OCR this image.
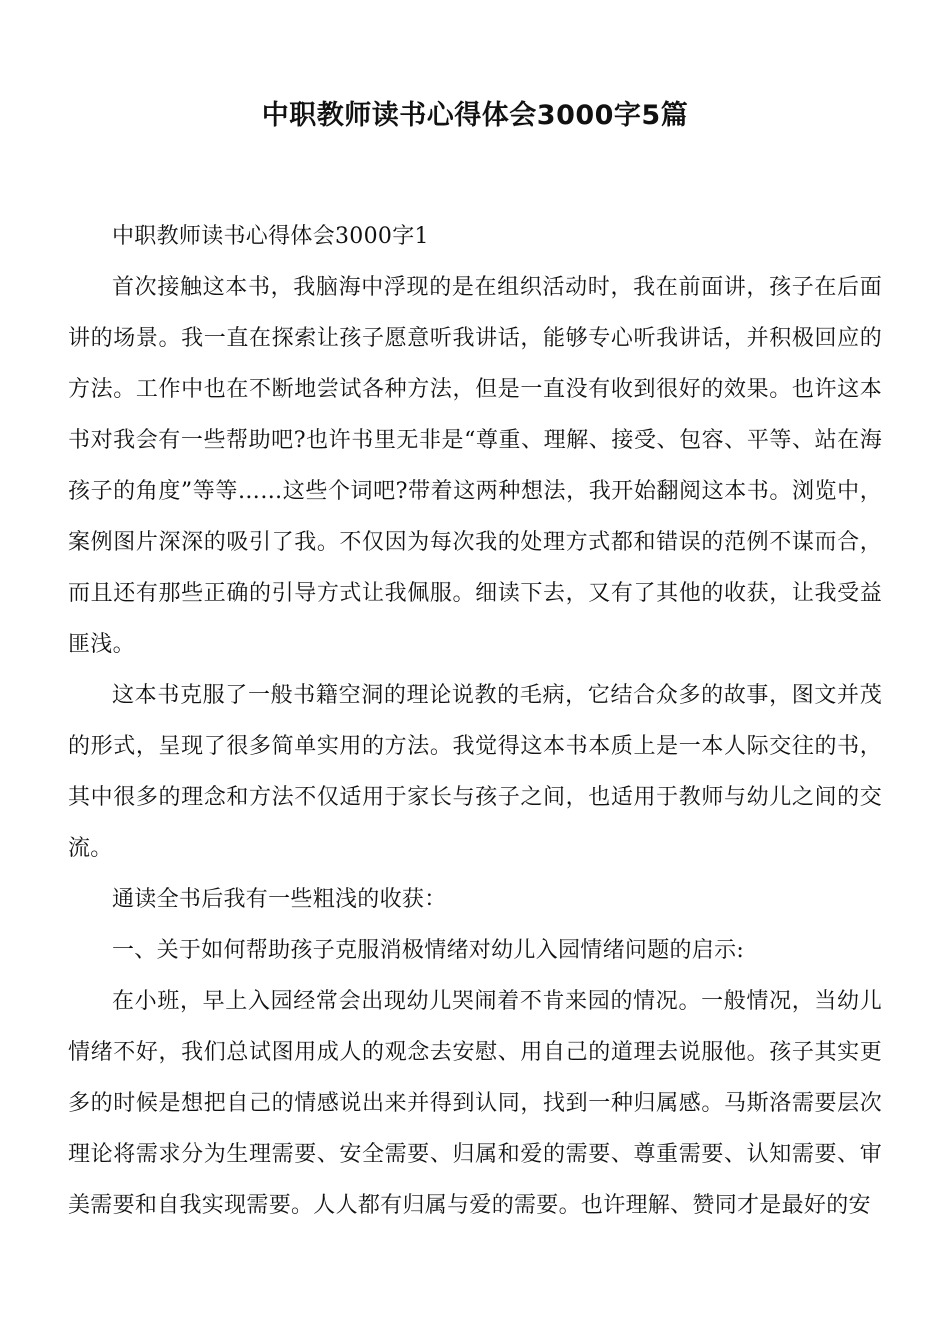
中职教师读书心得体会3000字5篇

中职教师读书心得体会3000字1

首次接触这本书，我脑海中浮现的是在组织活动时，我在前面讲，孩子在后面讲的场景。我一直在探索让孩子愿意听我讲话，能够专心听我讲话，并积极回应的方法。工作中也在不断地尝试各种方法，但是一直没有收到很好的效果。也许这本书对我会有一些帮助吧?也许书里无非是“尊重、理解、接受、包容、平等、站在海孩子的角度”等等……这些个词吧?带着这两种想法，我开始翻阅这本书。浏览中，案例图片深深的吸引了我。不仅因为每次我的处理方式都和错误的范例不谋而合，而且还有那些正确的引导方式让我佩服。细读下去，又有了其他的收获，让我受益匪浅。

这本书克服了一般书籍空洞的理论说教的毛病，它结合众多的故事，图文并茂的形式，呈现了很多简单实用的方法。我觉得这本书本质上是一本人际交往的书，其中很多的理念和方法不仅适用于家长与孩子之间，也适用于教师与幼儿之间的交流。

通读全书后我有一些粗浅的收获：

一、关于如何帮助孩子克服消极情绪对幼儿入园情绪问题的启示:

在小班，早上入园经常会出现幼儿哭闹着不肯来园的情况。一般情况，当幼儿情绪不好，我们总试图用成人的观念去安慰、用自己的道理去说服他。孩子其实更多的时候是想把自己的情感说出来并得到认同，找到一种归属感。马斯洛需要层次理论将需求分为生理需要、安全需要、归属和爱的需要、尊重需要、认知需要、审美需要和自我实现需要。人人都有归属与爱的需要。也许理解、赞同才是最好的安
